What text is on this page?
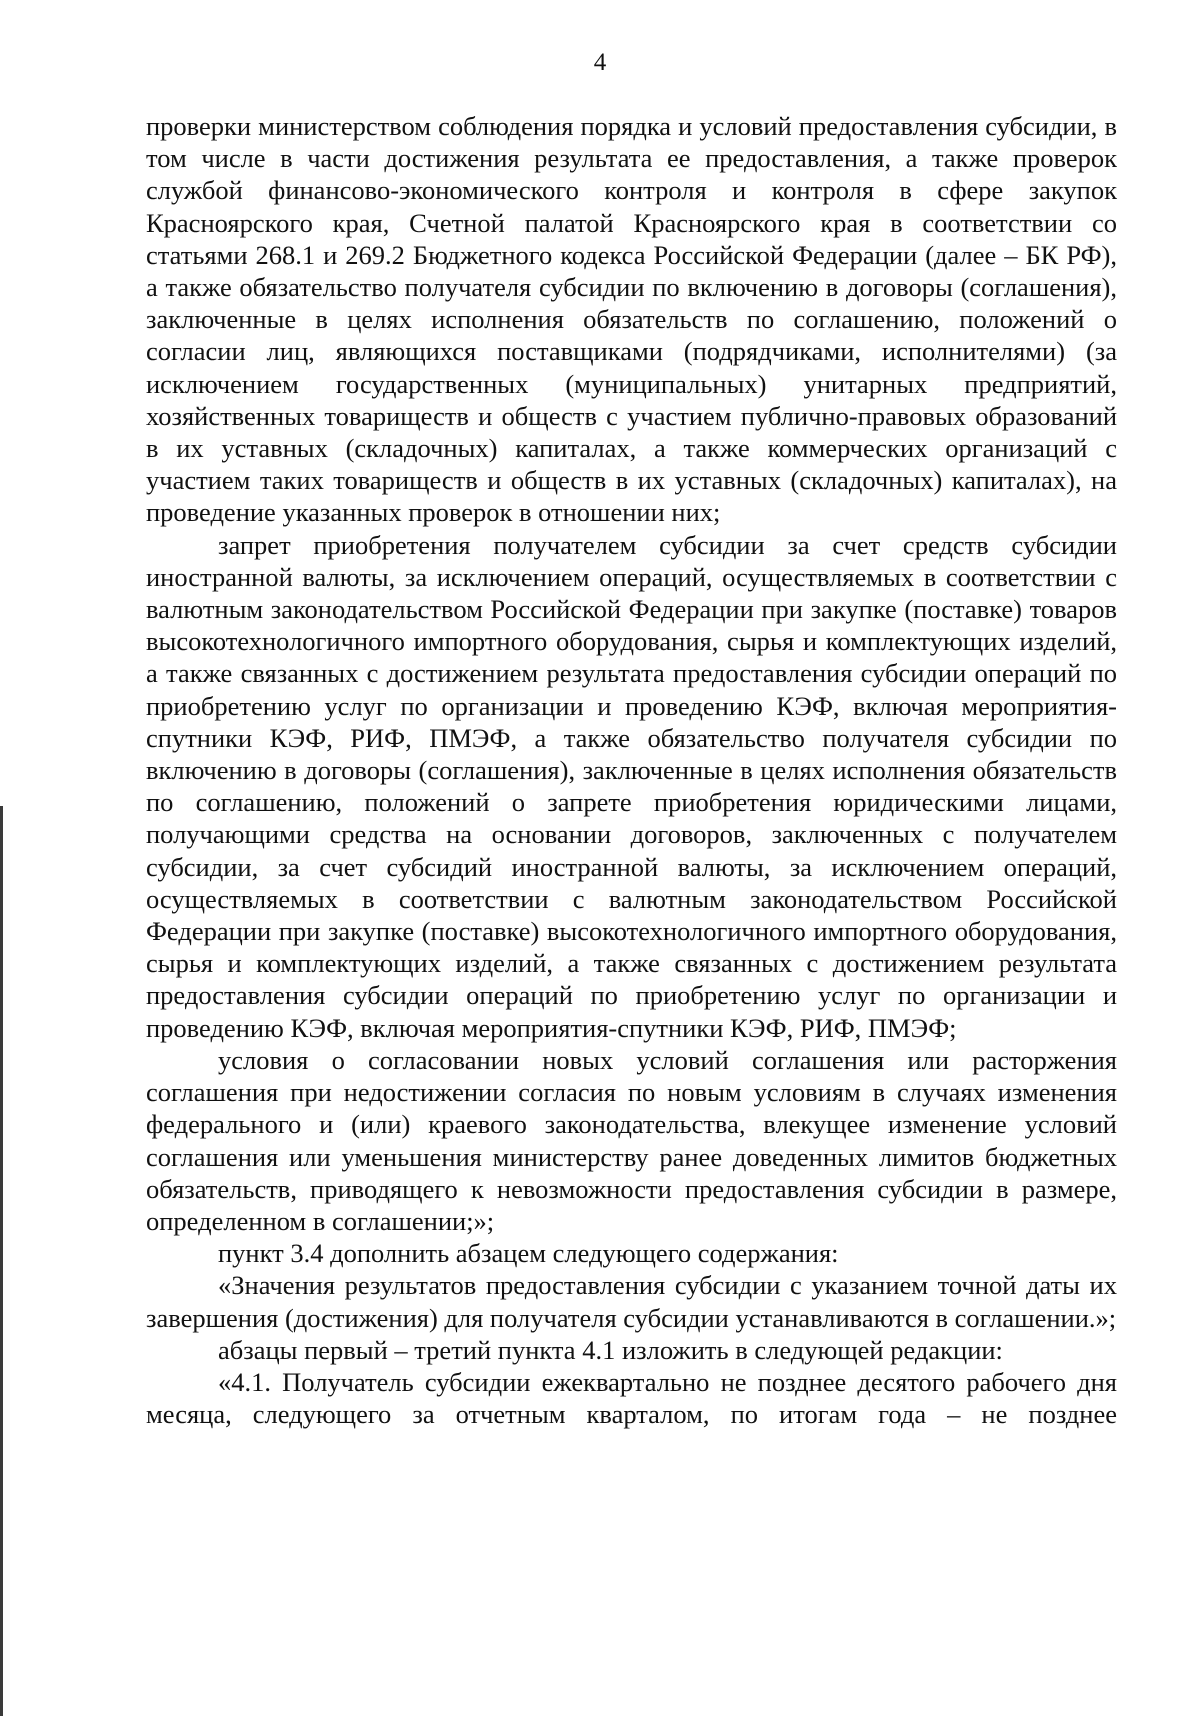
4

проверки министерством соблюдения порядка и условий предоставления субсидии, в том числе в части достижения результата ее предоставления, а также проверок службой финансово-экономического контроля и контроля в сфере закупок Красноярского края, Счетной палатой Красноярского края в соответствии со статьями 268.1 и 269.2 Бюджетного кодекса Российской Федерации (далее – БК РФ), а также обязательство получателя субсидии по включению в договоры (соглашения), заключенные в целях исполнения обязательств по соглашению, положений о согласии лиц, являющихся поставщиками (подрядчиками, исполнителями) (за исключением государственных (муниципальных) унитарных предприятий, хозяйственных товариществ и обществ с участием публично-правовых образований в их уставных (складочных) капиталах, а также коммерческих организаций с участием таких товариществ и обществ в их уставных (складочных) капиталах), на проведение указанных проверок в отношении них;

запрет приобретения получателем субсидии за счет средств субсидии иностранной валюты, за исключением операций, осуществляемых в соответствии с валютным законодательством Российской Федерации при закупке (поставке) товаров высокотехнологичного импортного оборудования, сырья и комплектующих изделий, а также связанных с достижением результата предоставления субсидии операций по приобретению услуг по организации и проведению КЭФ, включая мероприятия-спутники КЭФ, РИФ, ПМЭФ, а также обязательство получателя субсидии по включению в договоры (соглашения), заключенные в целях исполнения обязательств по соглашению, положений о запрете приобретения юридическими лицами, получающими средства на основании договоров, заключенных с получателем субсидии, за счет субсидий иностранной валюты, за исключением операций, осуществляемых в соответствии с валютным законодательством Российской Федерации при закупке (поставке) высокотехнологичного импортного оборудования, сырья и комплектующих изделий, а также связанных с достижением результата предоставления субсидии операций по приобретению услуг по организации и проведению КЭФ, включая мероприятия-спутники КЭФ, РИФ, ПМЭФ;

условия о согласовании новых условий соглашения или расторжения соглашения при недостижении согласия по новым условиям в случаях изменения федерального и (или) краевого законодательства, влекущее изменение условий соглашения или уменьшения министерству ранее доведенных лимитов бюджетных обязательств, приводящего к невозможности предоставления субсидии в размере, определенном в соглашении;»;

пункт 3.4 дополнить абзацем следующего содержания:

«Значения результатов предоставления субсидии с указанием точной даты их завершения (достижения) для получателя субсидии устанавливаются в соглашении.»;

абзацы первый – третий пункта 4.1 изложить в следующей редакции:

«4.1. Получатель субсидии ежеквартально не позднее десятого рабочего дня месяца, следующего за отчетным кварталом, по итогам года – не позднее
